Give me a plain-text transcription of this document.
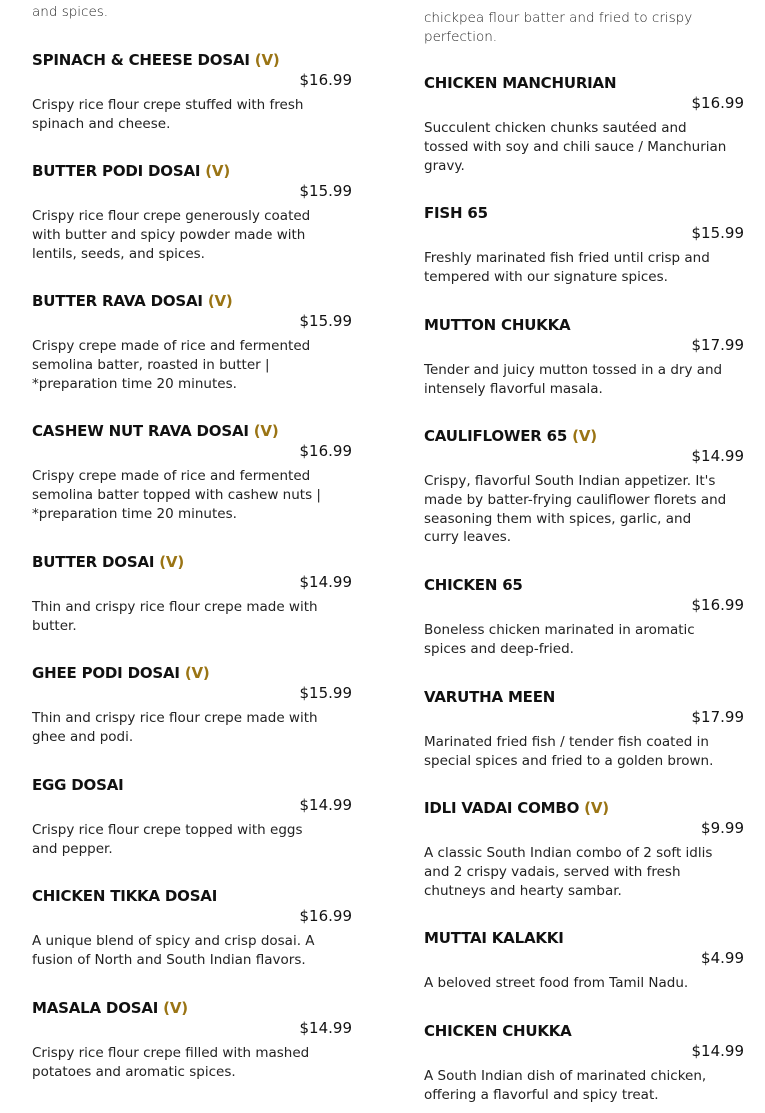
and spices.
SPINACH & CHEESE DOSAI (V)
$16.99
Crispy rice flour crepe stuffed with fresh
spinach and cheese.
BUTTER PODI DOSAI (V)
$15.99
Crispy rice flour crepe generously coated
with butter and spicy powder made with
lentils, seeds, and spices.
BUTTER RAVA DOSAI (V)
$15.99
Crispy crepe made of rice and fermented
semolina batter, roasted in butter |
*preparation time 20 minutes.
CASHEW NUT RAVA DOSAI (V)
$16.99
Crispy crepe made of rice and fermented
semolina batter topped with cashew nuts |
*preparation time 20 minutes.
BUTTER DOSAI (V)
$14.99
Thin and crispy rice flour crepe made with
butter.
GHEE PODI DOSAI (V)
$15.99
Thin and crispy rice flour crepe made with
ghee and podi.
EGG DOSAI
$14.99
Crispy rice flour crepe topped with eggs
and pepper.
CHICKEN TIKKA DOSAI
$16.99
A unique blend of spicy and crisp dosai. A
fusion of North and South Indian flavors.
MASALA DOSAI (V)
$14.99
Crispy rice flour crepe filled with mashed
potatoes and aromatic spices.
chickpea flour batter and fried to crispy
perfection.
CHICKEN MANCHURIAN
$16.99
Succulent chicken chunks sautéed and
tossed with soy and chili sauce / Manchurian
gravy.
FISH 65
$15.99
Freshly marinated fish fried until crisp and
tempered with our signature spices.
MUTTON CHUKKA
$17.99
Tender and juicy mutton tossed in a dry and
intensely flavorful masala.
CAULIFLOWER 65 (V)
$14.99
Crispy, flavorful South Indian appetizer. It's
made by batter-frying cauliflower florets and
seasoning them with spices, garlic, and
curry leaves.
CHICKEN 65
$16.99
Boneless chicken marinated in aromatic
spices and deep-fried.
VARUTHA MEEN
$17.99
Marinated fried fish / tender fish coated in
special spices and fried to a golden brown.
IDLI VADAI COMBO (V)
$9.99
A classic South Indian combo of 2 soft idlis
and 2 crispy vadais, served with fresh
chutneys and hearty sambar.
MUTTAI KALAKKI
$4.99
A beloved street food from Tamil Nadu.
CHICKEN CHUKKA
$14.99
A South Indian dish of marinated chicken,
offering a flavorful and spicy treat.
